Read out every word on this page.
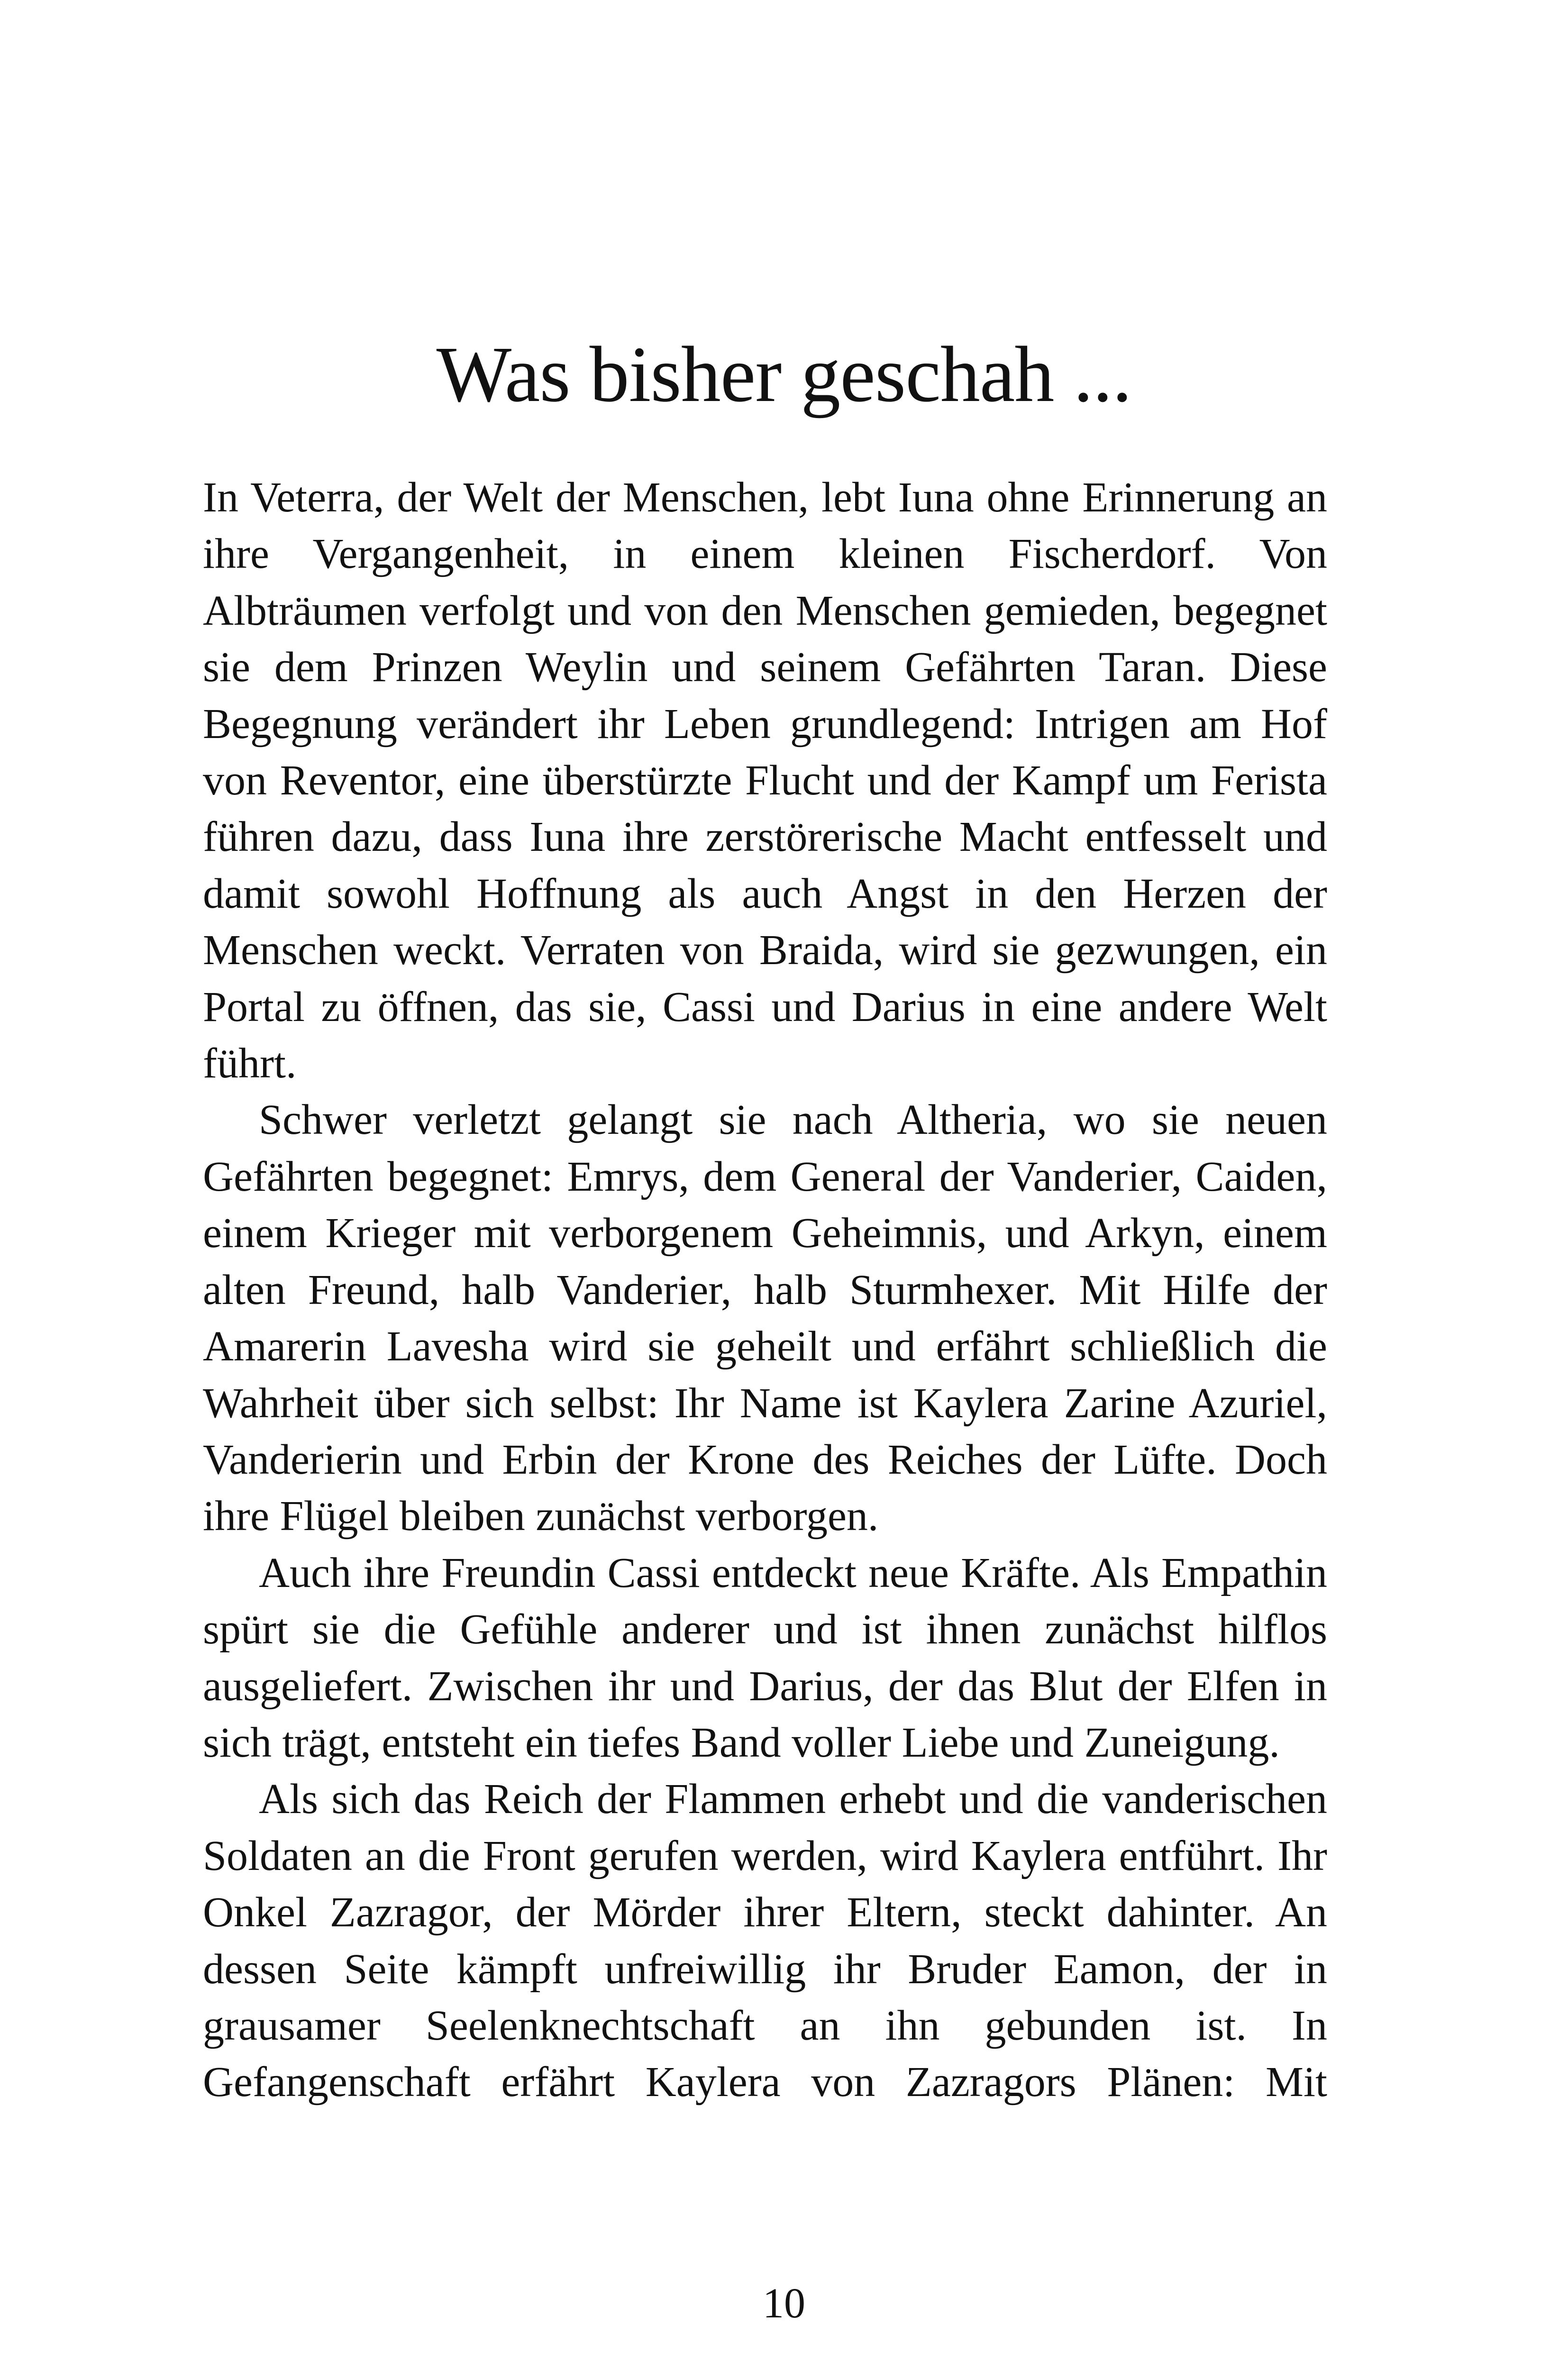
Was bisher geschah ...

In Veterra, der Welt der Menschen, lebt Iuna ohne Erinnerung an ihre Vergangenheit, in einem kleinen Fischerdorf. Von Albträumen verfolgt und von den Menschen gemieden, begegnet sie dem Prinzen Weylin und seinem Gefährten Taran. Diese Begegnung verändert ihr Leben grundlegend: Intrigen am Hof von Reventor, eine überstürzte Flucht und der Kampf um Ferista führen dazu, dass Iuna ihre zerstörerische Macht entfesselt und damit sowohl Hoffnung als auch Angst in den Herzen der Menschen weckt. Verraten von Braida, wird sie gezwungen, ein Portal zu öffnen, das sie, Cassi und Darius in eine andere Welt führt.

Schwer verletzt gelangt sie nach Altheria, wo sie neuen Gefährten begegnet: Emrys, dem General der Vanderier, Caiden, einem Krieger mit verborgenem Geheimnis, und Arkyn, einem alten Freund, halb Vanderier, halb Sturmhexer. Mit Hilfe der Amarerin Lavesha wird sie geheilt und erfährt schließlich die Wahrheit über sich selbst: Ihr Name ist Kaylera Zarine Azuriel, Vanderierin und Erbin der Krone des Reiches der Lüfte. Doch ihre Flügel bleiben zunächst verborgen.

Auch ihre Freundin Cassi entdeckt neue Kräfte. Als Empathin spürt sie die Gefühle anderer und ist ihnen zunächst hilflos ausgeliefert. Zwischen ihr und Darius, der das Blut der Elfen in sich trägt, entsteht ein tiefes Band voller Liebe und Zuneigung.

Als sich das Reich der Flammen erhebt und die vanderischen Soldaten an die Front gerufen werden, wird Kaylera entführt. Ihr Onkel Zazragor, der Mörder ihrer Eltern, steckt dahinter. An dessen Seite kämpft unfreiwillig ihr Bruder Eamon, der in grausamer Seelenknechtschaft an ihn gebunden ist. In Gefangenschaft erfährt Kaylera von Zazragors Plänen: Mit

10
